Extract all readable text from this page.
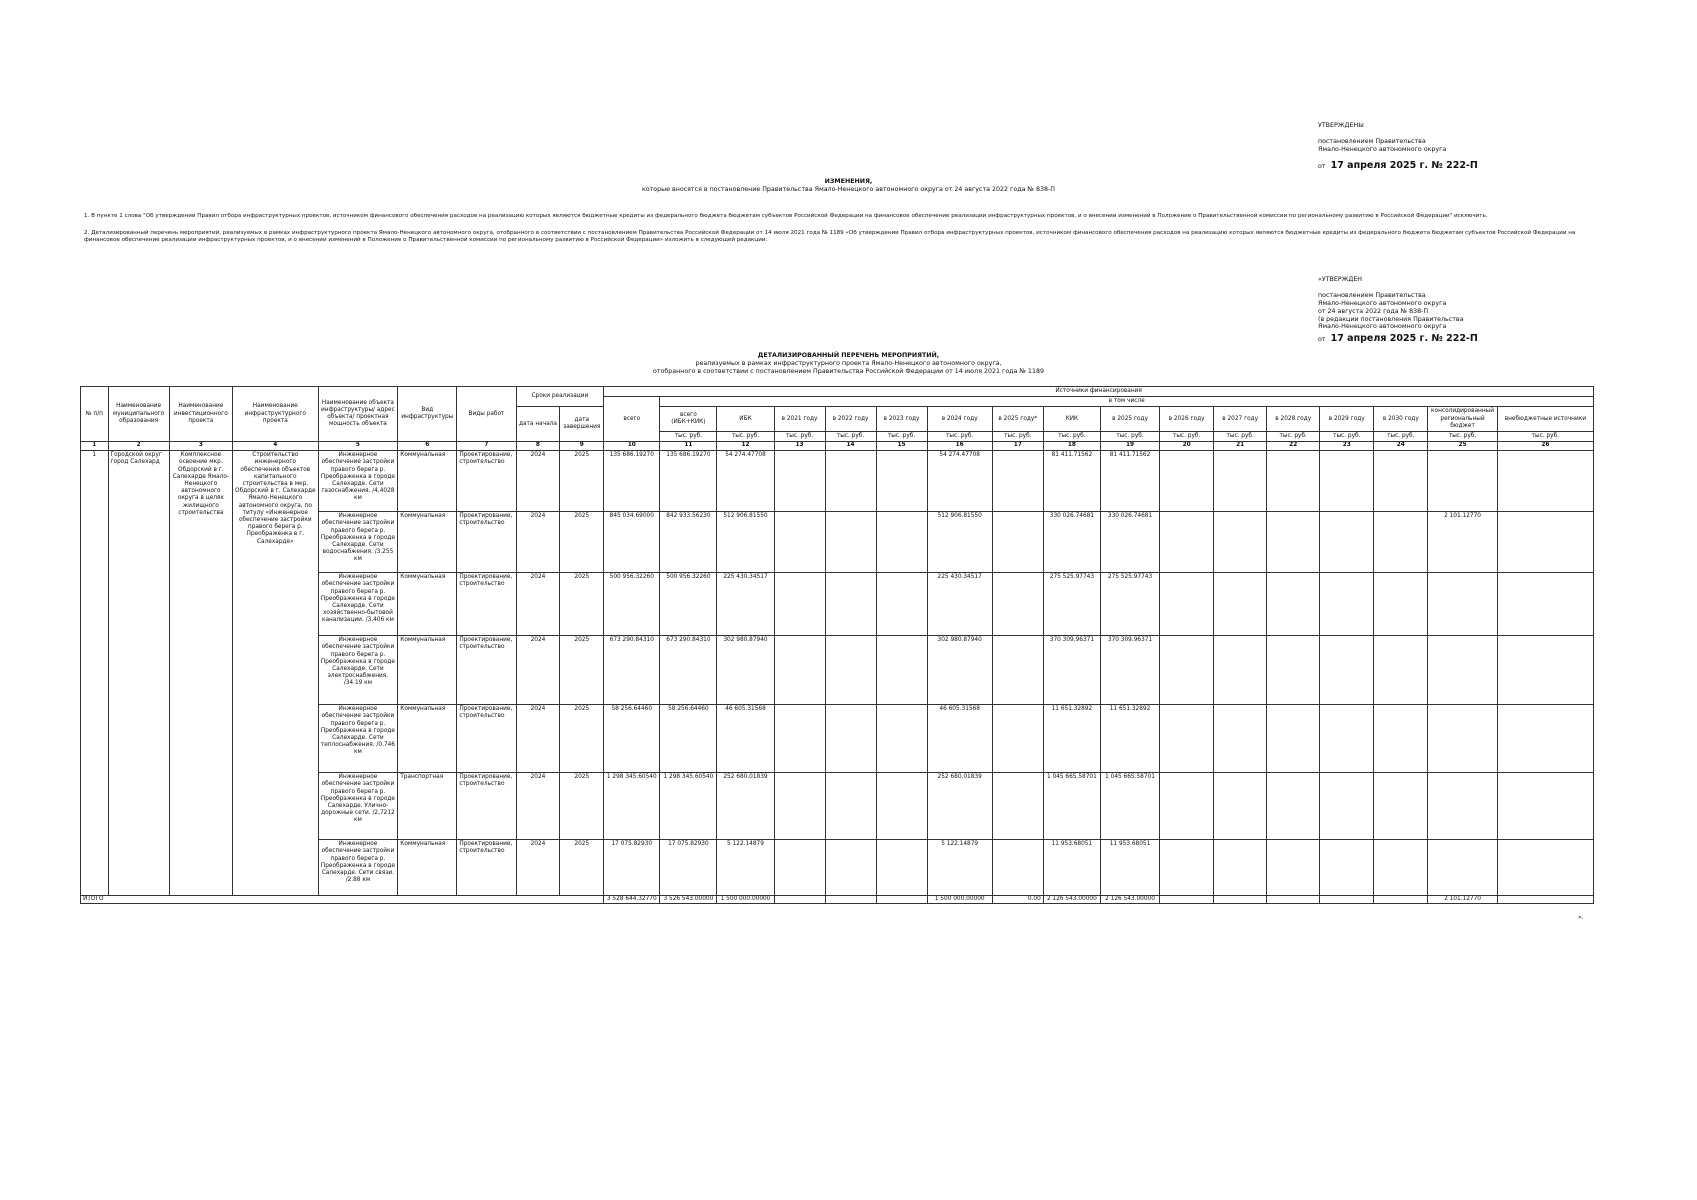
УТВЕРЖДЕНЫ
постановлением Правительства
Ямало-Ненецкого автономного округа
от 17 апреля 2025 г. № 222-П
ИЗМЕНЕНИЯ,
которые вносятся в постановление Правительства Ямало-Ненецкого автономного округа от 24 августа 2022 года № 838-П
1. В пункте 1 слова "Об утверждении Правил отбора инфраструктурных проектов, источником финансового обеспечения расходов на реализацию которых являются бюджетные кредиты из федерального бюджета бюджетам субъектов Российской Федерации на финансовое обеспечение реализации инфраструктурных проектов, и о внесении изменений в Положение о Правительственной комиссии по региональному развитию в Российской Федерации" исключить.
2. Детализированный перечень мероприятий, реализуемых в рамках инфраструктурного проекта Ямало-Ненецкого автономного округа, отобранного в соответствии с постановлением Правительства Российской Федерации от 14 июля 2021 года № 1189 «Об утверждении Правил отбора инфраструктурных проектов, источником финансового обеспечения расходов на реализацию которых являются бюджетные кредиты из федерального бюджета бюджетам субъектов Российской Федерации на финансовое обеспечение реализации инфраструктурных проектов, и о внесении изменений в Положение о Правительственной комиссии по региональному развитию в Российской Федерации» изложить в следующей редакции:
«УТВЕРЖДЕН
постановлением Правительства
Ямало-Ненецкого автономного округа
от 24 августа 2022 года № 838-П
(в редакции постановления Правительства
Ямало-Ненецкого автономного округа
от 17 апреля 2025 г. № 222-П
ДЕТАЛИЗИРОВАННЫЙ ПЕРЕЧЕНЬ МЕРОПРИЯТИЙ,
реализуемых в рамках инфраструктурного проекта Ямало-Ненецкого автономного округа,
отобранного в соответствии с постановлением Правительства Российской Федерации от 14 июля 2021 года № 1189
№ п/п	Наименование муниципального образования	Наименование инвестиционного проекта	Наименование инфраструктурного проекта	Наименование объекта инфраструктуры/ адрес объекта/ проектная мощность объекта	Вид инфраструктуры	Виды работ	Сроки реализации		Источники финансирования																
									всего	в том числе															
							дата начала	дата завершения		всего (ИБК+КИК)	ИБК	в 2021 году	в 2022 году	в 2023 году	в 2024 году	в 2025 году*	КИК	в 2025 году	в 2026 году	в 2027 году	в 2028 году	в 2029 году	в 2030 году	консолидированный региональный бюджет	внебюджетные источники
										тыс. руб.	тыс. руб.	тыс. руб.	тыс. руб.	тыс. руб.	тыс. руб.	тыс. руб.	тыс. руб.	тыс. руб.	тыс. руб.	тыс. руб.	тыс. руб.	тыс. руб.	тыс. руб.	тыс. руб.	тыс. руб.
1	2	3	4	5	6	7	8	9	10	11	12	13	14	15	16	17	18	19	20	21	22	23	24	25	26
1	Городской округ город Салехард	Комплексное освоение мкр. Обдорский в г. Салехарде Ямало-Ненецкого автономного округа в целях жилищного строительства	Строительство инженерного обеспечения объектов капитального строительства в мкр. Обдорский в г. Салехарде Ямало-Ненецкого автономного округа, по титулу «Инженерное обеспечение застройки правого берега р. Преображенка в г. Салехарде»	Инженерное обеспечение застройки правого берега р. Преображенка в городе Салехарде. Сети газоснабжения. /4,4028 км	Коммунальная	Проектирование, строительство	2024	2025	135 686.19270	135 686.19270	54 274.47708				54 274.47708		81 411.71562	81 411.71562							
				Инженерное обеспечение застройки правого берега р. Преображенка в городе Салехарде. Сети водоснабжения. /3.255 км	Коммунальная	Проектирование, строительство	2024	2025	845 034.69000	842 933.56230	512 906.81550				512 906.81550		330 026.74681	330 026.74681						2 101.12770	
				Инженерное обеспечение застройки правого берега р. Преображенка в городе Салехарде. Сети хозяйственно-бытовой канализации. /3,406 км	Коммунальная	Проектирование, строительство	2024	2025	500 956.32260	500 956.32260	225 430.34517				225 430.34517		275 525.97743	275 525.97743							
				Инженерное обеспечение застройки правого берега р. Преображенка в городе Салехарде. Сети электроснабжения. /34.19 км	Коммунальная	Проектирование, строительство	2024	2025	673 290.84310	673 290.84310	302 980.87940				302 980.87940		370 309.96371	370 309.96371							
				Инженерное обеспечение застройки правого берега р. Преображенка в городе Салехарде. Сети теплоснабжения. /0.746 км	Коммунальная	Проектирование, строительство	2024	2025	58 256.64460	58 256.64460	46 605.31568				46 605.31568		11 651.32892	11 651.32892							
				Инженерное обеспечение застройки правого берега р. Преображенка в городе Салехарде. Улично-дорожные сети. /2,7212 км	Транспортная	Проектирование, строительство	2024	2025	1 298 345.60540	1 298 345.60540	252 680.01839				252 680.01839		1 045 665.58701	1 045 665.58701							
				Инженерное обеспечение застройки правого берега р. Преображенка в городе Салехарде. Сети связи. /2.88 км	Коммунальная	Проектирование, строительство	2024	2025	17 075.82930	17 075.82930	5 122.14879				5 122.14879		11 953.68051	11 953.68051							
ИТОГО									3 528 644.32770	3 526 543.00000	1 500 000.00000				1 500 000.00000	0.00	2 126 543.00000	2 126 543.00000						2 101.12770	
».
